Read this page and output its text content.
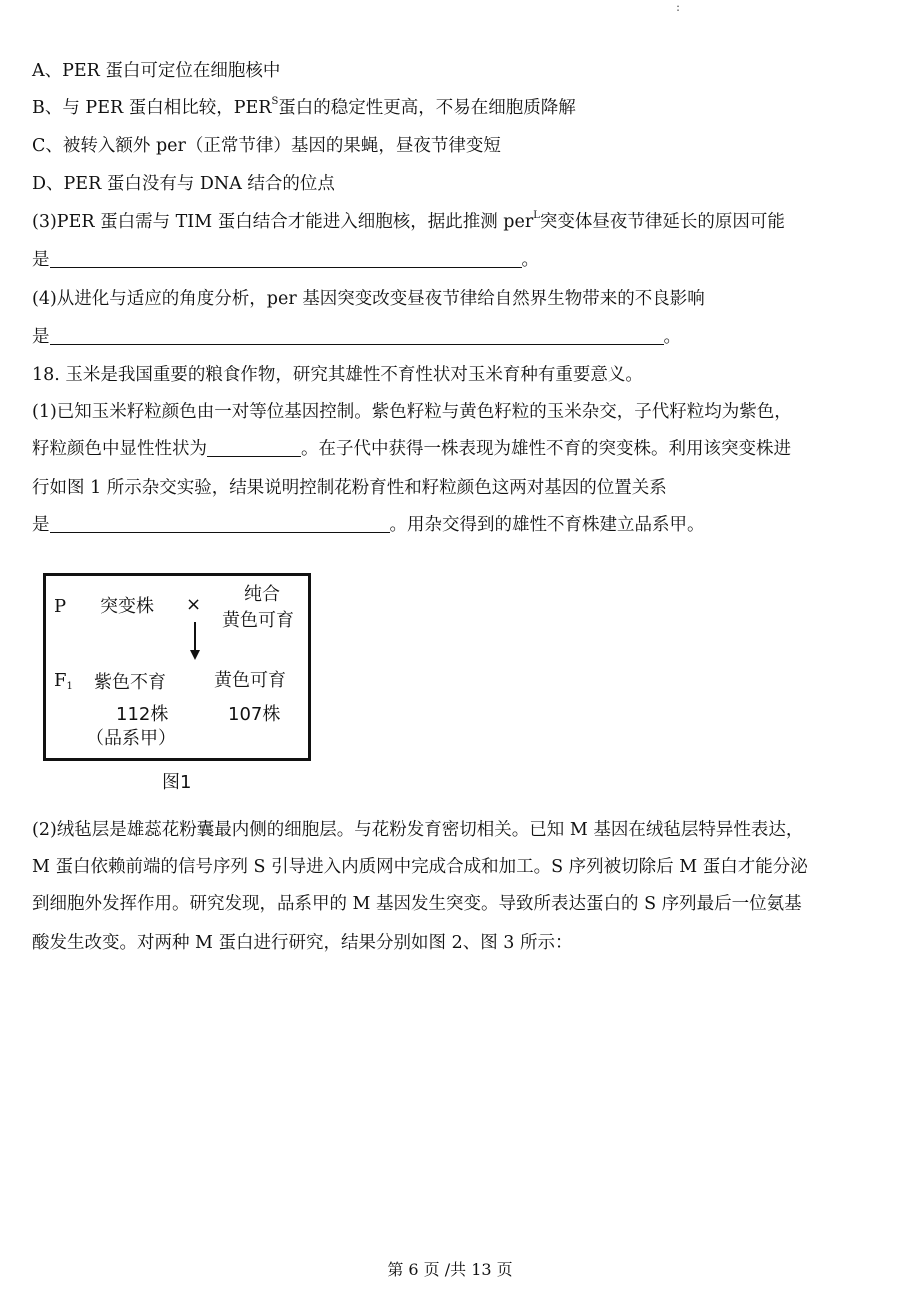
:
A、PER 蛋白可定位在细胞核中
B、与 PER 蛋白相比较，$PER^S$蛋白的稳定性更高，不易在细胞质降解
C、被转入额外 per（正常节律）基因的果蝇，昼夜节律变短
D、PER 蛋白没有与 DNA 结合的位点
(3)PER 蛋白需与 TIM 蛋白结合才能进入细胞核，据此推测 per$^L$突变体昼夜节律延长的原因可能
是	。
(4)从进化与适应的角度分析，per 基因突变改变昼夜节律给自然界生物带来的不良影响
是	。
18. 玉米是我国重要的粮食作物，研究其雄性不育性状对玉米育种有重要意义。
(1)已知玉米籽粒颜色由一对等位基因控制。紫色籽粒与黄色籽粒的玉米杂交，子代籽粒均为紫色，
籽粒颜色中显性性状为	。在子代中获得一株表现为雄性不育的突变株。利用该突变株进
行如图 1 所示杂交实验，结果说明控制花粉育性和籽粒颜色这两对基因的位置关系
是	。用杂交得到的雄性不育株建立品系甲。
P 突变株 × 纯合
黄色可育
$F_1$ 紫色不育	黄色可育
112株	107株
（品系甲）
图1
(2)绒毡层是雄蕊花粉囊最内侧的细胞层。与花粉发育密切相关。已知 M 基因在绒毡层特异性表达，
M 蛋白依赖前端的信号序列 S 引导进入内质网中完成合成和加工。S 序列被切除后 M 蛋白才能分泌
到细胞外发挥作用。研究发现，品系甲的 M 基因发生突变。导致所表达蛋白的 S 序列最后一位氨基
酸发生改变。对两种 M 蛋白进行研究，结果分别如图 2、图 3 所示：
第 6 页 /共 13 页
